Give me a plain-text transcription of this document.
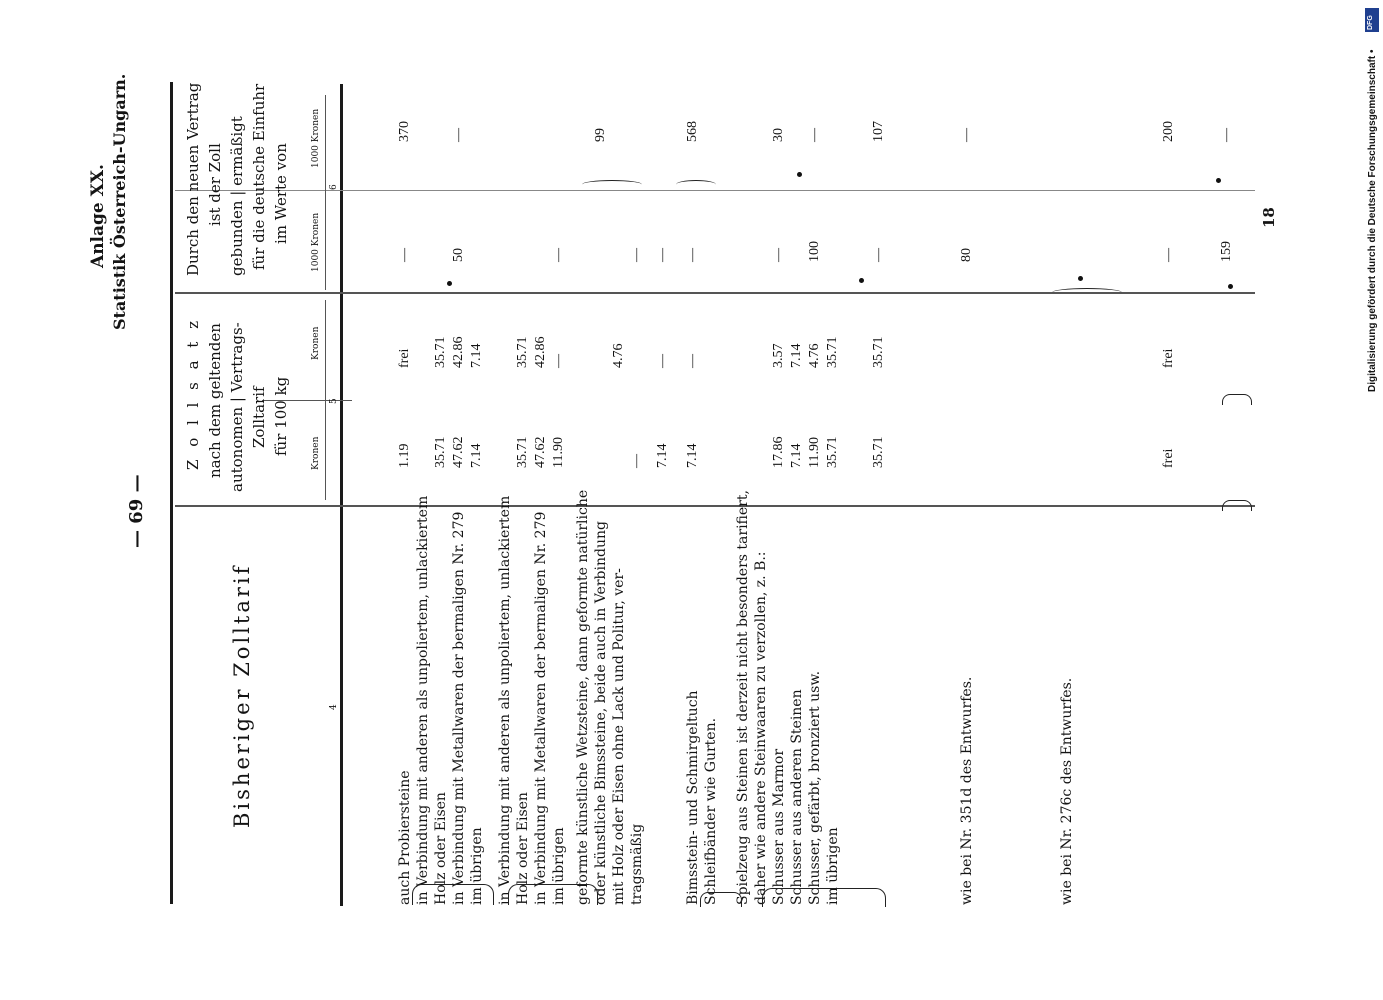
Digitalisierung gefördert durch die Deutsche Forschungsgemeinschaft •
DFG
— 69 —
Anlage XX. Statistik Österreich-Ungarn.	18
Bisheriger Zolltarif	4
Z o l l s a t z nach dem geltenden autonomen | Vertrags- Zolltarif für 100 kg Kronen
Kronen
5
Durch den neuen Vertrag ist der Zoll gebunden | ermäßigt für die deutsche Einfuhr im Werte von 1000 Kronen
1000 Kronen
6
auch Probiersteine
1.19
frei
—
370
in Verbindung mit anderen als unpoliertem, unlackiertem Holz oder Eisen
35.71
35.71
in Verbindung mit Metallwaren der bermaligen Nr. 279
47.62
42.86
50
—
im übrigen
7.14
7.14
in Verbindung mit anderen als unpoliertem, unlackiertem Holz oder Eisen
35.71
35.71
in Verbindung mit Metallwaren der bermaligen Nr. 279
47.62
42.86
im übrigen
11.90
—
—
geformte künstliche Wetzsteine, dann geformte natürliche oder künstliche Bimssteine, beide auch in Verbindung
99
mit Holz oder Eisen ohne Lack und Politur, ver-
4.76
tragsmäßig
—
—
7.14
—
—
Bimsstein- und Schmirgeltuch
7.14
—
—
568
Schleifbänder wie Gurten. Spielzeug aus Steinen ist derzeit nicht besonders tarifiert, daher wie andere Steinwaaren zu verzollen, z. B.: Schusser aus Marmor
17.86
3.57
—
30
Schusser aus anderen Steinen
7.14
7.14
Schusser, gefärbt, bronziert usw.
11.90
4.76
100
—
im übrigen
35.71
35.71
35.71
35.71
—
107
wie bei Nr. 351d des Entwurfes.
80
—
wie bei Nr. 276c des Entwurfes.
frei
frei
—
200
159
—
